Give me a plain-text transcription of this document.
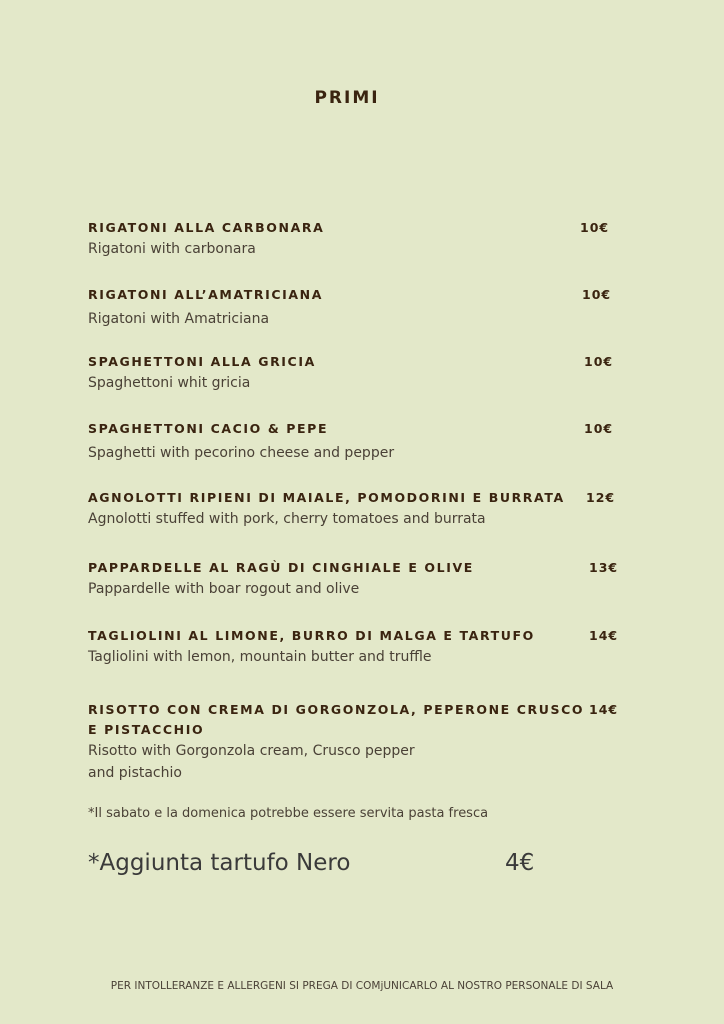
PRIMI
RIGATONI ALLA CARBONARA
Rigatoni with carbonara
10€
RIGATONI ALL’AMATRICIANA
Rigatoni with Amatriciana
10€
SPAGHETTONI ALLA GRICIA
Spaghettoni whit gricia
10€
SPAGHETTONI CACIO & PEPE
Spaghetti with pecorino cheese and pepper
10€
AGNOLOTTI RIPIENI DI MAIALE, POMODORINI E BURRATA
Agnolotti stuffed with pork, cherry tomatoes and burrata
12€
PAPPARDELLE AL RAGÙ DI CINGHIALE E OLIVE
Pappardelle with boar rogout and olive
13€
TAGLIOLINI AL LIMONE, BURRO DI MALGA E TARTUFO
Tagliolini with lemon, mountain butter and truffle
14€
RISOTTO CON CREMA DI GORGONZOLA, PEPERONE CRUSCO
E PISTACCHIO
Risotto with Gorgonzola cream, Crusco pepper
and pistachio
14€
*Il sabato e la domenica potrebbe essere servita pasta fresca
*Aggiunta tartufo Nero	4€
PER INTOLLERANZE E ALLERGENI SI PREGA DI COMjUNICARLO AL NOSTRO PERSONALE DI SALA
